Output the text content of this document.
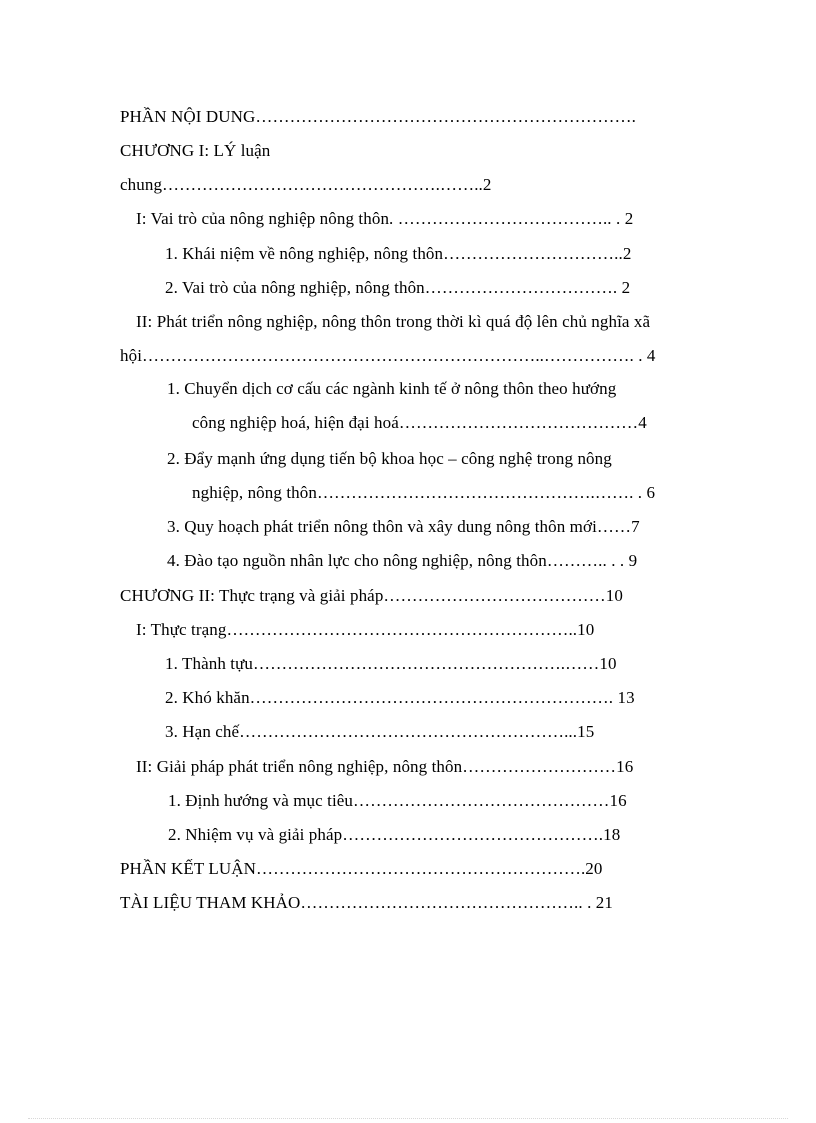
PHẦN NỘI DUNG………………………………………………………….
CHƯƠNG I: LÝ luận
chung………………………………………….……..2
I: Vai trò của nông nghiệp nông thôn. ……………………………….. . 2
1. Khái niệm về nông nghiệp, nông thôn…………………………..2
2. Vai trò của nông nghiệp, nông thôn……………………………. 2
II: Phát triển nông nghiệp, nông thôn trong thời kì quá độ lên chủ nghĩa xã
hội……………………………………………………………..……………. . 4
1. Chuyển dịch cơ cấu các ngành kinh tế ở nông thôn theo hướng
công nghiệp hoá, hiện đại hoá……………………………………4
2. Đẩy mạnh ứng dụng tiến bộ khoa học – công nghệ trong nông
nghiệp, nông thôn………………………………………….……. . 6
3. Quy hoạch phát triển nông thôn và xây dung nông thôn mới……7
4. Đào tạo nguồn nhân lực cho nông nghiệp, nông thôn……….. . . 9
CHƯƠNG II: Thực trạng và giải pháp…………………………………10
I: Thực trạng……………………………………………………..10
1. Thành tựu……………………………………………….……10
2. Khó khăn………………………………………………………. 13
3. Hạn chế…………………………………………………...15
II: Giải pháp phát triển nông nghiệp, nông thôn………………………16
1. Định hướng và mục tiêu………………………………………16
2. Nhiệm vụ và giải pháp……………………………………….18
PHẦN KẾT LUẬN………………………………………………….20
TÀI LIỆU THAM KHẢO………………………………………….. . 21
